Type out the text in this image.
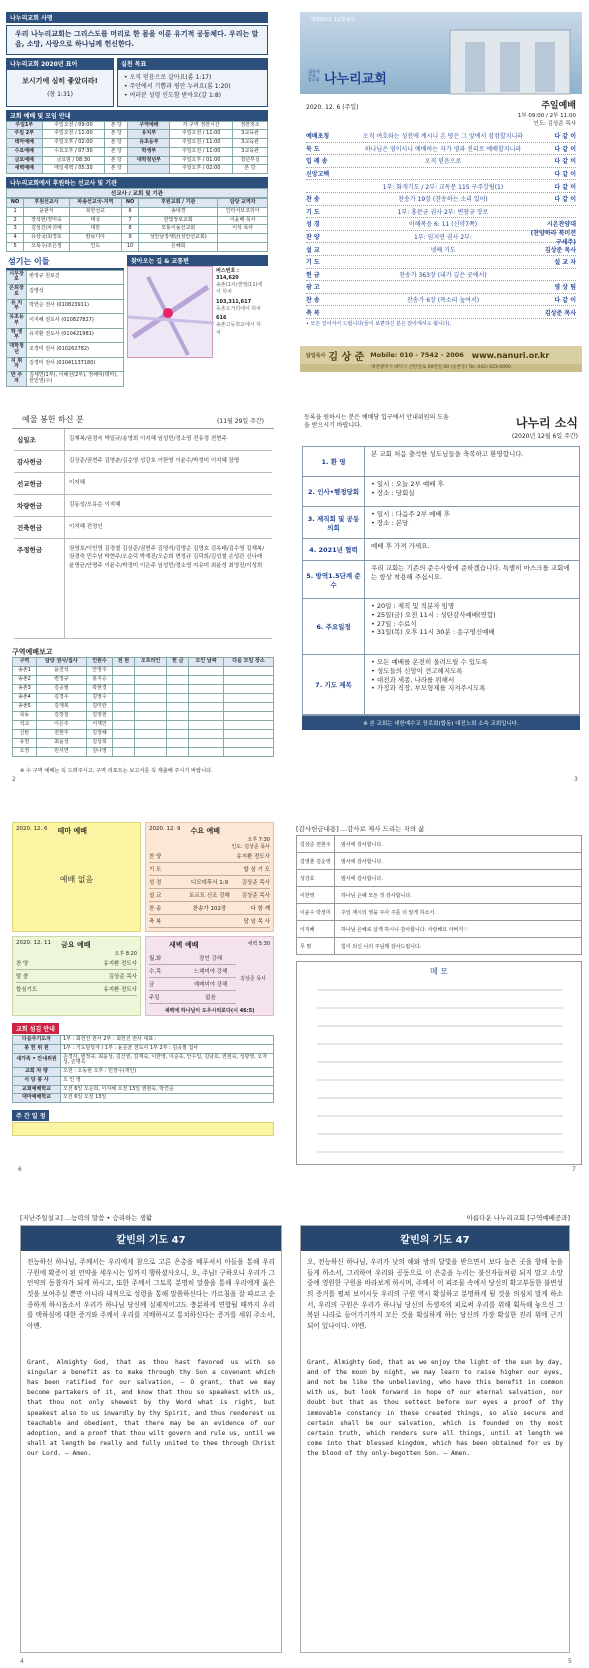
나누리교회 사명
우리 나누리교회는 그리스도를 머리로 한 몸을 이룬 유기적 공동체다. 우리는 말음, 소망, 사랑으로 하나님께 헌신한다.
나누리교회 2020년 표어
보시기에 심히 좋았더라!
(창 1:31)
실천 목표
• 오직 믿음으로 살아요(롬 1:17)
• 주안에서 기쁨과 평안 누려요(롬 1:20)
• 여러분 성령 인도함 받아요(갈 1:8)
교회 예배 및 모임 안내
주일1부	주일오전 / 09:00	본 당	구역예배	각 구역 정한시간	정한장소
주일 2부	주일오전 / 11:00	본 당	유치부	주일오전 / 11:00	3교육관
테마예배	주일오후 / 02:00	본 당	유초등부	주일오전 / 11:00	3교육관
수요예배	수요오후 / 07:30	본 당	학생부	주일오전 / 11:00	3교육관
금요예배	금요밤 / 08:30	본 당	대학청년부	주일오후 / 01:00	청년부실
새벽예배	매일새벽 / 05:30	본 당		주일오후 / 02:00	본 당
나누리교회에서 후원하는 선교사 및 기관
선교사 / 교회 및 기관
NO	후원선교사	파송선교국-지역	NO	후원교회 / 기관	담당 교역자
1	윤판식	북한선교	6	송대경	인터서브코리아
2	장석현/정미숙	태국	7	한빛장로교회	이윤배 목사
3	김성진/차귀예	대만	8	모퉁이돌선교회	이석 목사
4	유상국/최경호	캄보디아	9	성안남장재단(성안선교회)	
5	오목수/조은정	인도	10	은혜회	
섬기는 이들
시무장로	변정규 원로진
은퇴장로	김영석
유 치 부	박연순 전사 (010823911)
유초등부	이지혜 전도사 (010827827)
학 생 부	유지환 전도사 (010421981)
대학청년	조경미 전사 (010262782)
지 휘 자	김경미 전사 (01041137180)
반 주 자	김세연(1부), 이혜선(2부), 정해덕(테마), 한민영(수)
찾아오는 길 & 교통편
버스번호 :
314,620
송촌(1차)앤엘(11)에서 하차
103,311,617
동촌오거리에서 하차
616
송촌고등학교에서 하차
제0000호 12월 6일
대한예수교 장로회 나누리교회
2020. 12. 6 (주일)	주일예배
1부 09:00 / 2부 11:00
인도: 김상준 목사
예배초청	오직 여호와는 성전에 계시니 온 땅은 그 앞에서 잠잠할지니라	다 같 이
묵 도	하나님은 영이시니 예배하는 자가 영과 진리로 예배할지니라	다 같 이
입 례 송	오직 믿음으로	다 같 이
신앙고백	다 같 이
1부: 화개기도 / 2부: 교독문 115 구주강림(1)	다 같 이
찬 송	찬송가 19장 (찬송하는 소리 있어)	다 같 이
기 도	1부: 홍문균 권사 2부: 변창규 장로
성 경	이해복음 6: 11 (신약7쪽)	시온찬양대
찬 양	1부: 임지연 권사 2부:
(찬양하라 북미선 구세주)
설 교	넷째 기도	김상준 목사
기 도	설 교 자
헌 금	찬송가 363장 (내가 깊은 곳에서)
광 고	영 상 팀
찬 송	찬송가 6장 (목소리 높여서)	다 같 이
축 복	김상준 목사
• 모든 일어서서 드립니다(들이 보편하신 분은 앉아계셔도 됩니다).
담임목사 김 상 준 Mobile: 010 - 7542 - 2006 www.nanuri.or.kr
대전광역시 대덕구 신탄진로 00번길 00 (송촌동) Tel. 042) 623-0000
예물 봉헌 하신 분	(11월 29일 주간)
십일조	김재복/권경숙 박일규/송영희 이지혜 임성민/정소영 전유정 전현주
감사헌금	김상준/권현주 김영춘/김순영 성강호 이한영 이윤수/박정미 이지혜 장명
선교헌금	이지혜
차량헌금	김동성/오유순 이지혜
건축헌금	이지혜 전정인
주정헌금	권영호/이민영 김경철 김상준/권현주 김영석/김명순 김영호 김옥태/김수영 김재복/권경숙 민수남 박현주/오순덕 박재진/오순희 변정규 김덕희/김성철 손성관 신나래 윤명균/안명주 이윤수/박정미 이은주 임성민/정소영 지유미 최윤성 최영진/이성희
구역예배보고
구역	담당 권사/집사	인원수	전 원	오프라인	헌 금	모인 날짜	다음 모임 장소
송촌1	윤전석	안영주					
송촌2	변정규	홍지승					
송촌3	김공필	곽현경					
송촌4	김경우	김영수					
송촌5	김재복	김미란					
목동	김장철	김정현					
석교	이은주	서재인					
신탄	전현주	김정혜					
유천	최윤성	김성희					
오정	민서연	김나영					
※ 수 구역 예배는 꼭 드려주시고, 구역 리포트는 보고서를 꼭 제출해 주시기 바랍니다.
등록을 원하시는 분은 예배당 입구에서 안내위원의 도움을 받으시기 바랍니다.	나누리 소식
(2020년 12월 6일 주간)
1. 환 영
본 교회 처음 출석한 성도님들을 축복하고 환영합니다.
2. 인사•행정당회
• 일시 : 오늘 2부 예배 후
• 장소 : 당회실
3. 제직회 및 공동의회
• 일시 : 다음주 2부 예배 후
• 장소 : 본당
4. 2021년 협력	예배 후 가져 가세요.
5. 방역1.5단계 준수
우리 교회는 기존의 준수사항에 준하겠습니다. 특별히 마스크를 교회에는 항상 착용해 주십시오.
6. 주요일정
• 20일 : 제직 및 직분자 임명
• 25일(금) 오전 11시 : 성탄감사예배(연합)
• 27일 : 수료식
• 31일(목) 오후 11시 30분 : 송구영신예배
7. 기도 제목
• 모든 예배를 온전히 올려드릴 수 있도록
• 성도들의 신앙이 견고해지도록
• 대전과 세종, 나라를 위해서
• 가정과 직장, 부모형제를 지켜주시도록
※ 본 교회는 대한예수교 장로회(합동) 대전노회 소속 교회입니다.
2020. 12. 6 테마 예배
예배 없음
2020. 12. 9 수요 예배
오후 7:30
인도: 김상준 목사
찬 양	유지환 전도사
기 도	합 심 기 도
성 경	디모데후서 1:9	김상준 목사
설 교	토르트 신조 강해	김상준 목사
찬 송	찬송가 102장	다 함 께
축 복	담 임 목 사
2020. 12. 11 금요 예배
오후 8:20
찬 양	유지환 전도사
말 씀	김상준 목사
합심기도	유지환 전도사
새벽 예배	새벽 5:30
월,화	잠언 강해
수,목	느헤미야 강해
금	예레미야 강해
주일	없음
김상준 목사
새벽에 하나님이 도우시리로다(시 46:5)
교회 섬김 안내
다음주기도자	1부 : 최헌진 권사 2부 : 최헌진 권사 대표 :
봉 헌 위 원	1부 : 기도담당자 / 1부 : 윤문균 전도사 1부 2부 : 김공필 집사
새가족 • 안내위원	손경자, 변정규, 최윤성, 김산권, 김재숙, 이한영, 이순욱, 안수일, 김남호, 권현숙, 성광영, 오자성, 손명옥
교회 차 량	오전 : 오동현 오후 : 민장수(개인)
식 당 봉 사	오 인 영
교회예배학교	오전 6일 오순희, 이지혜 오전 13일 권현숙, 박연순
대마예배학교	오전 6일 오전 13일
주 간 일 정
6
[감사헌금내용] ...감사로 제사 드리는 자의 삶
김상준 권현주	범사에 감사합니다.
김영춘 김순영	범사에 감사합니다.
성강호	범사에 감사합니다.
이한영	하나님 은혜 모든 것 감사합니다.
이윤수 박정미	주일 계시의 영을 주사 주를 더 알게 하소서.
이지혜	하나님 은혜로 살게 하시니 감사합니다. 사랑해요 아버지♡
무 명	힘이 되신 나의 주님께 감사드립니다.
메 모
7
[지난주일설교] ...능력의 말씀 • 승리하는 생활
칼빈의 기도 47
전능하신 하나님, 주께서는 우리에게 참으로 고른 은총을 베푸셔서 아들을 통해 우리 구원에 확증이 된 언약을 세우시는 일까지 행하셨사오니, 오, 주님! 구하오니 우리가 그 언약의 동참자가 되게 하시고, 또한 주께서 그토록 분명히 말씀을 통해 우리에게 옳은 것을 보여주실 뿐만 아니라 내적으로 성령을 통해 말씀하신다는 가르침을 잘 따르고 순종하게 하시옵소서 우리가 하나님 당신께 실제적이고도 충분하게 연합될 때까지 우리를 택하심에 대한 증거와 주께서 우리를 지배하시고 통치하신다는 증거를 세워 주소서, 아멘.
Grant, Almighty God, that as thou hast favored us with so singular a benefit as to make through thy Son a covenant which has been ratified for our salvation, — O grant, that we may become partakers of it, and know that thou so speakest with us, that thou not only shewest by thy Word what is right, but speakest also to us inwardly by thy Spirit, and thus renderest us teachable and obedient, that there may be an evidence of our adoption, and a proof that thou wilt govern and rule us, until we shall at length be really and fully united to thee through Christ our Lord. — Amen.
4
아름다운 나누리교회 [구역예배공과]
칼빈의 기도 47
오, 전능하신 하나님, 우리가 낮의 해와 밤의 달빛을 받으면서 보다 높은 곳을 향해 눈을 들게 하소서, 그리하여 우리와 공동으로 이 은총을 누리는 불신자들처럼 되지 말고 소망 중에 영원한 구원을 바라보게 하시며, 주께서 이 피조물 속에서 당신의 확고부동한 불변성의 증거를 펼쳐 보이시듯 우리의 구원 역시 확실하고 분명하게 될 것을 의심치 말게 하소서, 우리의 구원은 우리가 하나님 당신의 독생자의 피로써 우리를 위해 획득해 놓으신 그 복된 나라로 들어가기까지 모든 것을 확실하게 하는 당신의 가장 확실한 진리 위에 근거 되어 있나이다. 아멘.
Grant, Almighty God, that as we enjoy the light of the sun by day, and of the moon by night, we may learn to raise higher our eyes, and not be like the unbelieving, who have this benefit in common with us, but look forward in hope of our eternal salvation, nor doubt but that as thou settest before our eyes a proof of thy immovable constancy in these created things, so also secure and certain shall be our salvation, which is founded on thy most certain truth, which renders sure all things, until at length we come into that blessed kingdom, which has been obtained for us by the blood of thy only-begotten Son. — Amen.
5
2	3
